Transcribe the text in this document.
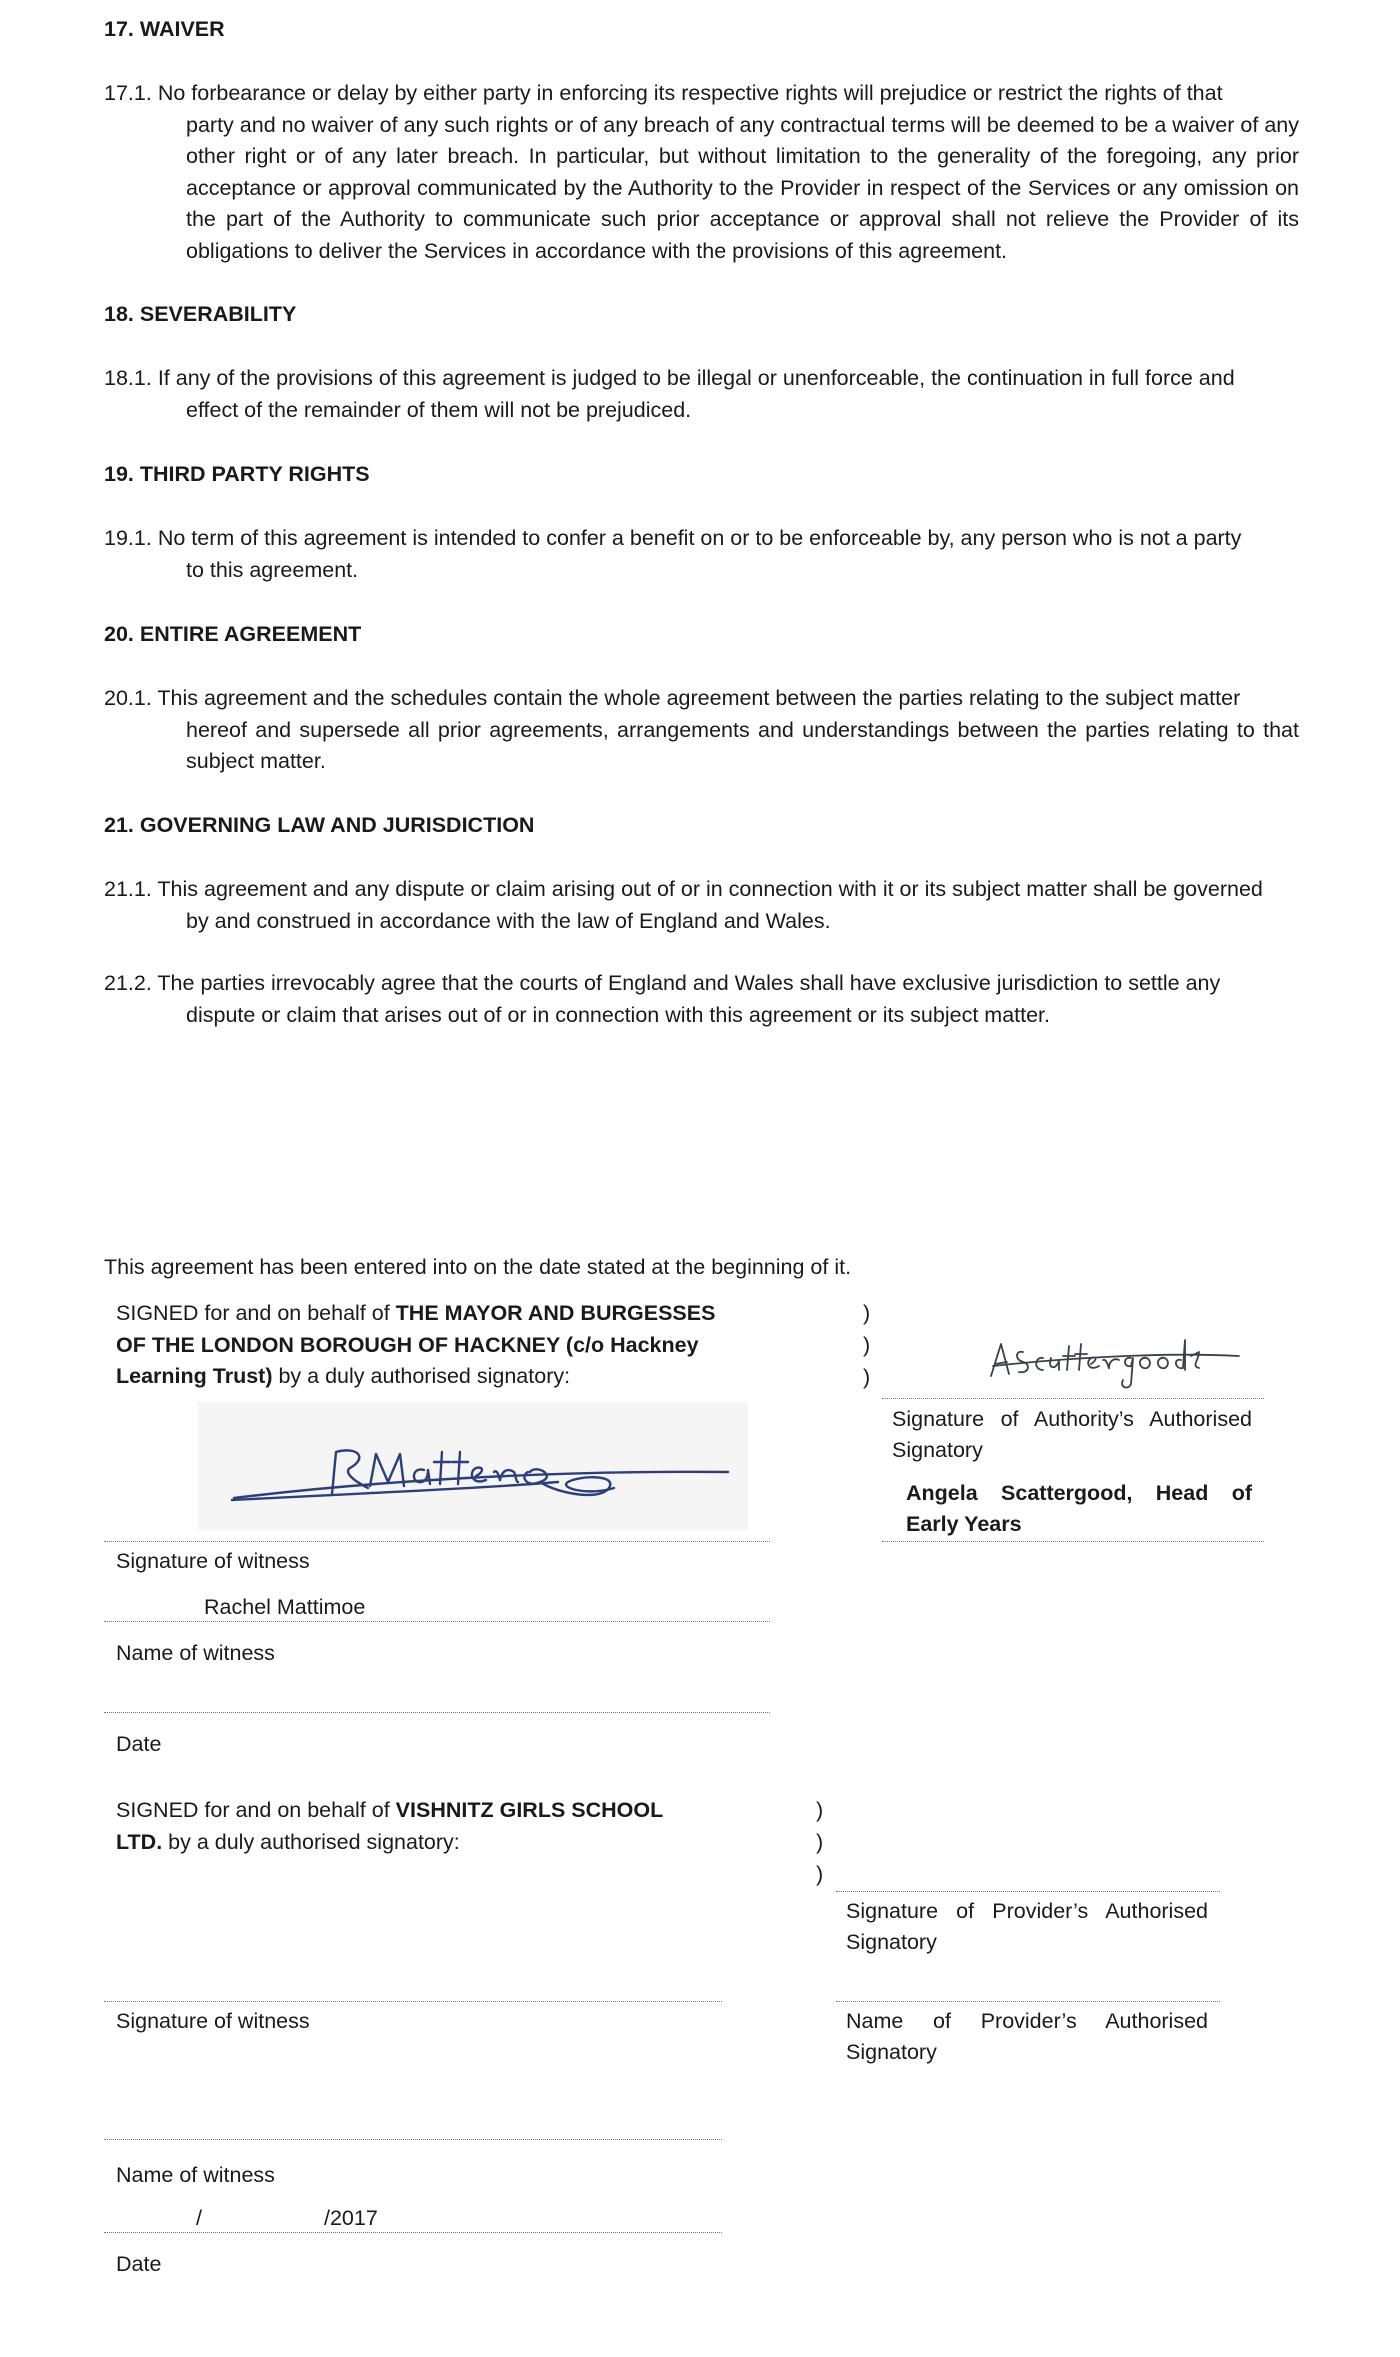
17. WAIVER
17.1. No forbearance or delay by either party in enforcing its respective rights will prejudice or restrict the rights of that
party and no waiver of any such rights or of any breach of any contractual terms will be deemed to be a waiver of any other right or of any later breach. In particular, but without limitation to the generality of the foregoing, any prior acceptance or approval communicated by the Authority to the Provider in respect of the Services or any omission on the part of the Authority to communicate such prior acceptance or approval shall not relieve the Provider of its obligations to deliver the Services in accordance with the provisions of this agreement.
18. SEVERABILITY
18.1. If any of the provisions of this agreement is judged to be illegal or unenforceable, the continuation in full force and
effect of the remainder of them will not be prejudiced.
19. THIRD PARTY RIGHTS
19.1. No term of this agreement is intended to confer a benefit on or to be enforceable by, any person who is not a party
to this agreement.
20. ENTIRE AGREEMENT
20.1. This agreement and the schedules contain the whole agreement between the parties relating to the subject matter
hereof and supersede all prior agreements, arrangements and understandings between the parties relating to that subject matter.
21. GOVERNING LAW AND JURISDICTION
21.1. This agreement and any dispute or claim arising out of or in connection with it or its subject matter shall be governed
by and construed in accordance with the law of England and Wales.
21.2. The parties irrevocably agree that the courts of England and Wales shall have exclusive jurisdiction to settle any
dispute or claim that arises out of or in connection with this agreement or its subject matter.
This agreement has been entered into on the date stated at the beginning of it.
SIGNED for and on behalf of THE MAYOR AND BURGESSES
OF THE LONDON BOROUGH OF HACKNEY (c/o Hackney
Learning Trust) by a duly authorised signatory:
)
)
)
Signature of Authority’s Authorised
Signatory
Angela Scattergood, Head of
Early Years
Signature of witness
Rachel Mattimoe
Name of witness
Date
SIGNED for and on behalf of VISHNITZ GIRLS SCHOOL
LTD. by a duly authorised signatory:
)
)
)
Signature of Provider’s Authorised
Signatory
Name of Provider’s Authorised
Signatory
Signature of witness
Name of witness
/	/2017
Date
